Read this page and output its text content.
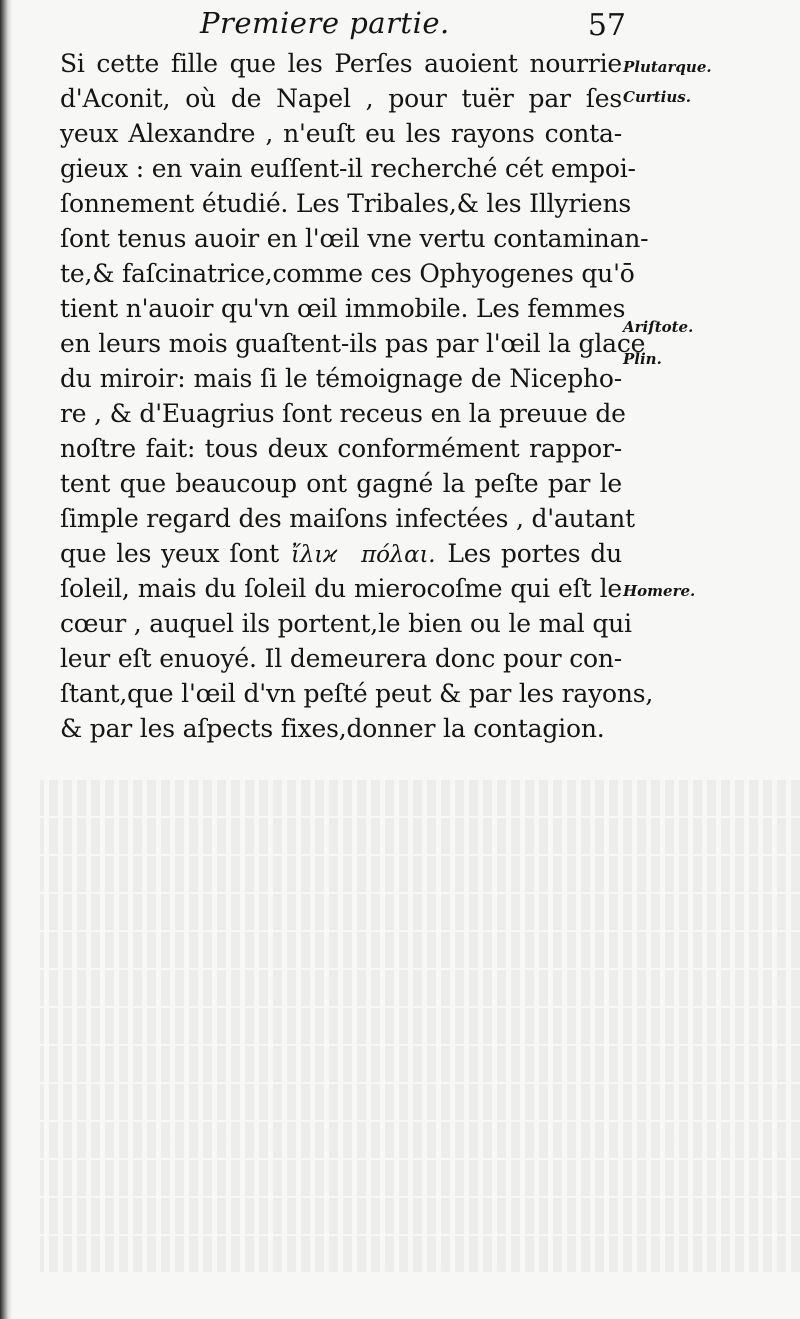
Premiere partie.	57
Si cette fille que les Perſes auoient nourrie
d'Aconit, où de Napel , pour tuër par ſes
yeux Alexandre , n'euſt eu les rayons conta-
gieux : en vain euſſent-il recherché cét empoi-
ſonnement étudié. Les Tribales,& les Illyriens
ſont tenus auoir en l'œil vne vertu contaminan-
te,& faſcinatrice,comme ces Ophyogenes qu'ō
tient n'auoir qu'vn œil immobile. Les femmes
en leurs mois guaſtent-ils pas par l'œil la glace
du miroir: mais ſi le témoignage de Nicepho-
re , & d'Euagrius ſont receus en la preuue de
noſtre fait: tous deux conformément rappor-
tent que beaucoup ont gagné la peſte par le
ſimple regard des maiſons infectées , d'autant
que les yeux ſont ἴλιϰ πόλαι. Les portes du
ſoleil, mais du ſoleil du mierocoſme qui eſt le
cœur , auquel ils portent,le bien ou le mal qui
leur eſt enuoyé. Il demeurera donc pour con-
ſtant,que l'œil d'vn peſté peut & par les rayons,
& par les aſpects fixes,donner la contagion.
Plutarque.
Curtius.
Ariſtote.
Plin.
Homere.
